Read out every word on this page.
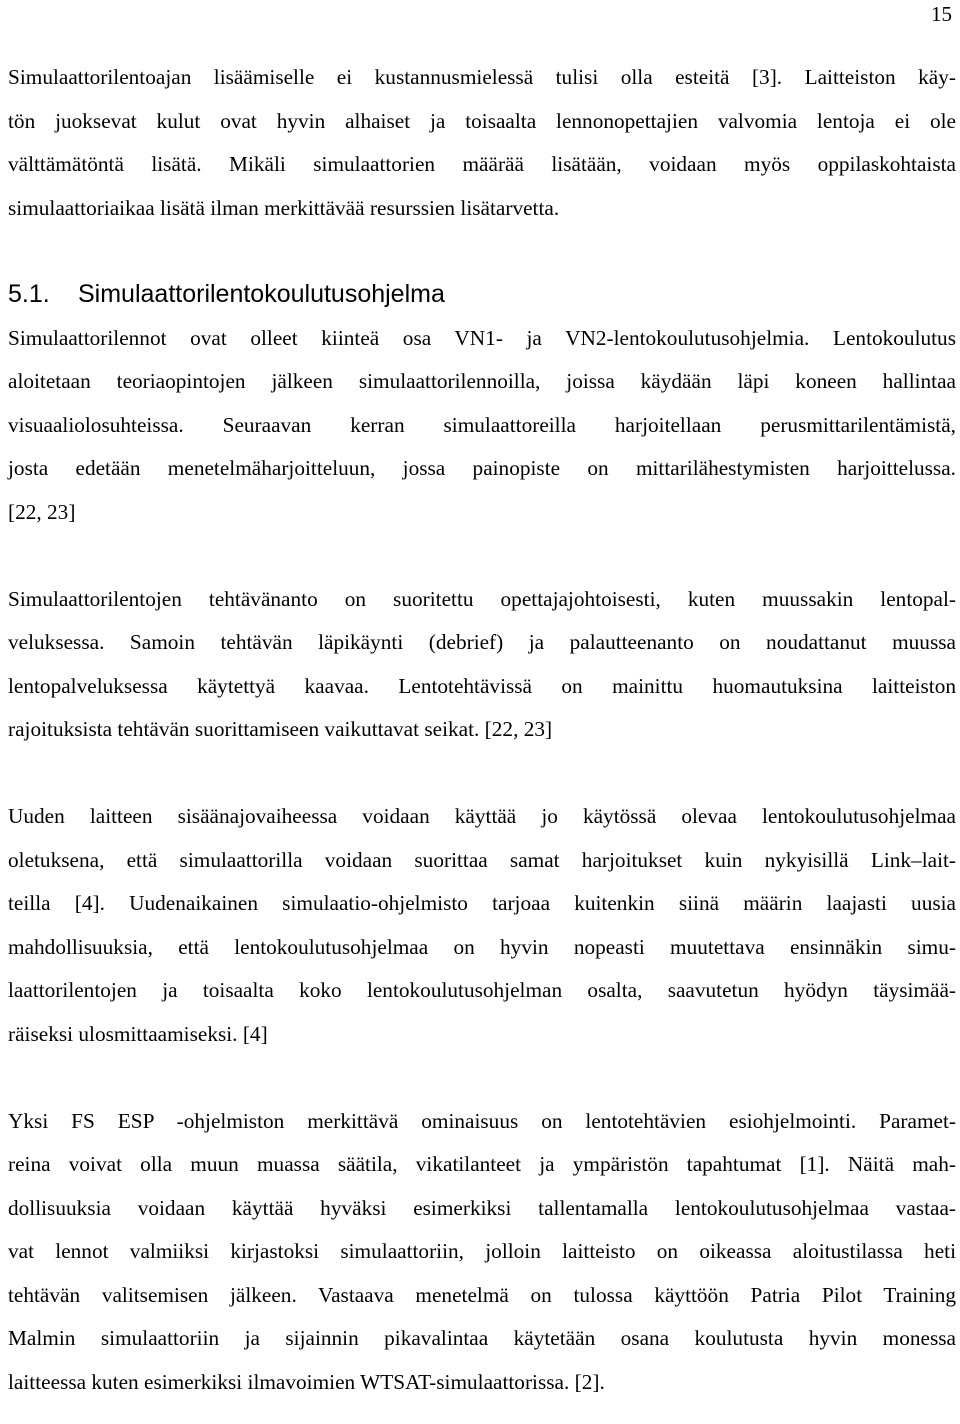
15
Simulaattorilentoajan lisäämiselle ei kustannusmielessä tulisi olla esteitä [3]. Laitteiston käy-
tön juoksevat kulut ovat hyvin alhaiset ja toisaalta lennonopettajien valvomia lentoja ei ole
välttämätöntä lisätä. Mikäli simulaattorien määrää lisätään, voidaan myös oppilaskohtaista
simulaattoriaikaa lisätä ilman merkittävää resurssien lisätarvetta.
5.1. Simulaattorilentokoulutusohjelma
Simulaattorilennot ovat olleet kiinteä osa VN1- ja VN2-lentokoulutusohjelmia. Lentokoulutus
aloitetaan teoriaopintojen jälkeen simulaattorilennoilla, joissa käydään läpi koneen hallintaa
visuaaliolosuhteissa. Seuraavan kerran simulaattoreilla harjoitellaan perusmittarilentämistä,
josta edetään menetelmäharjoitteluun, jossa painopiste on mittarilähestymisten harjoittelussa.
[22, 23]
Simulaattorilentojen tehtävänanto on suoritettu opettajajohtoisesti, kuten muussakin lentopal-
veluksessa. Samoin tehtävän läpikäynti (debrief) ja palautteenanto on noudattanut muussa
lentopalveluksessa käytettyä kaavaa. Lentotehtävissä on mainittu huomautuksina laitteiston
rajoituksista tehtävän suorittamiseen vaikuttavat seikat. [22, 23]
Uuden laitteen sisäänajovaiheessa voidaan käyttää jo käytössä olevaa lentokoulutusohjelmaa
oletuksena, että simulaattorilla voidaan suorittaa samat harjoitukset kuin nykyisillä Link–lait-
teilla [4]. Uudenaikainen simulaatio-ohjelmisto tarjoaa kuitenkin siinä määrin laajasti uusia
mahdollisuuksia, että lentokoulutusohjelmaa on hyvin nopeasti muutettava ensinnäkin simu-
laattorilentojen ja toisaalta koko lentokoulutusohjelman osalta, saavutetun hyödyn täysimää-
räiseksi ulosmittaamiseksi. [4]
Yksi FS ESP -ohjelmiston merkittävä ominaisuus on lentotehtävien esiohjelmointi. Paramet-
reina voivat olla muun muassa säätila, vikatilanteet ja ympäristön tapahtumat [1]. Näitä mah-
dollisuuksia voidaan käyttää hyväksi esimerkiksi tallentamalla lentokoulutusohjelmaa vastaa-
vat lennot valmiiksi kirjastoksi simulaattoriin, jolloin laitteisto on oikeassa aloitustilassa heti
tehtävän valitsemisen jälkeen. Vastaava menetelmä on tulossa käyttöön Patria Pilot Training
Malmin simulaattoriin ja sijainnin pikavalintaa käytetään osana koulutusta hyvin monessa
laitteessa kuten esimerkiksi ilmavoimien WTSAT-simulaattorissa. [2].
